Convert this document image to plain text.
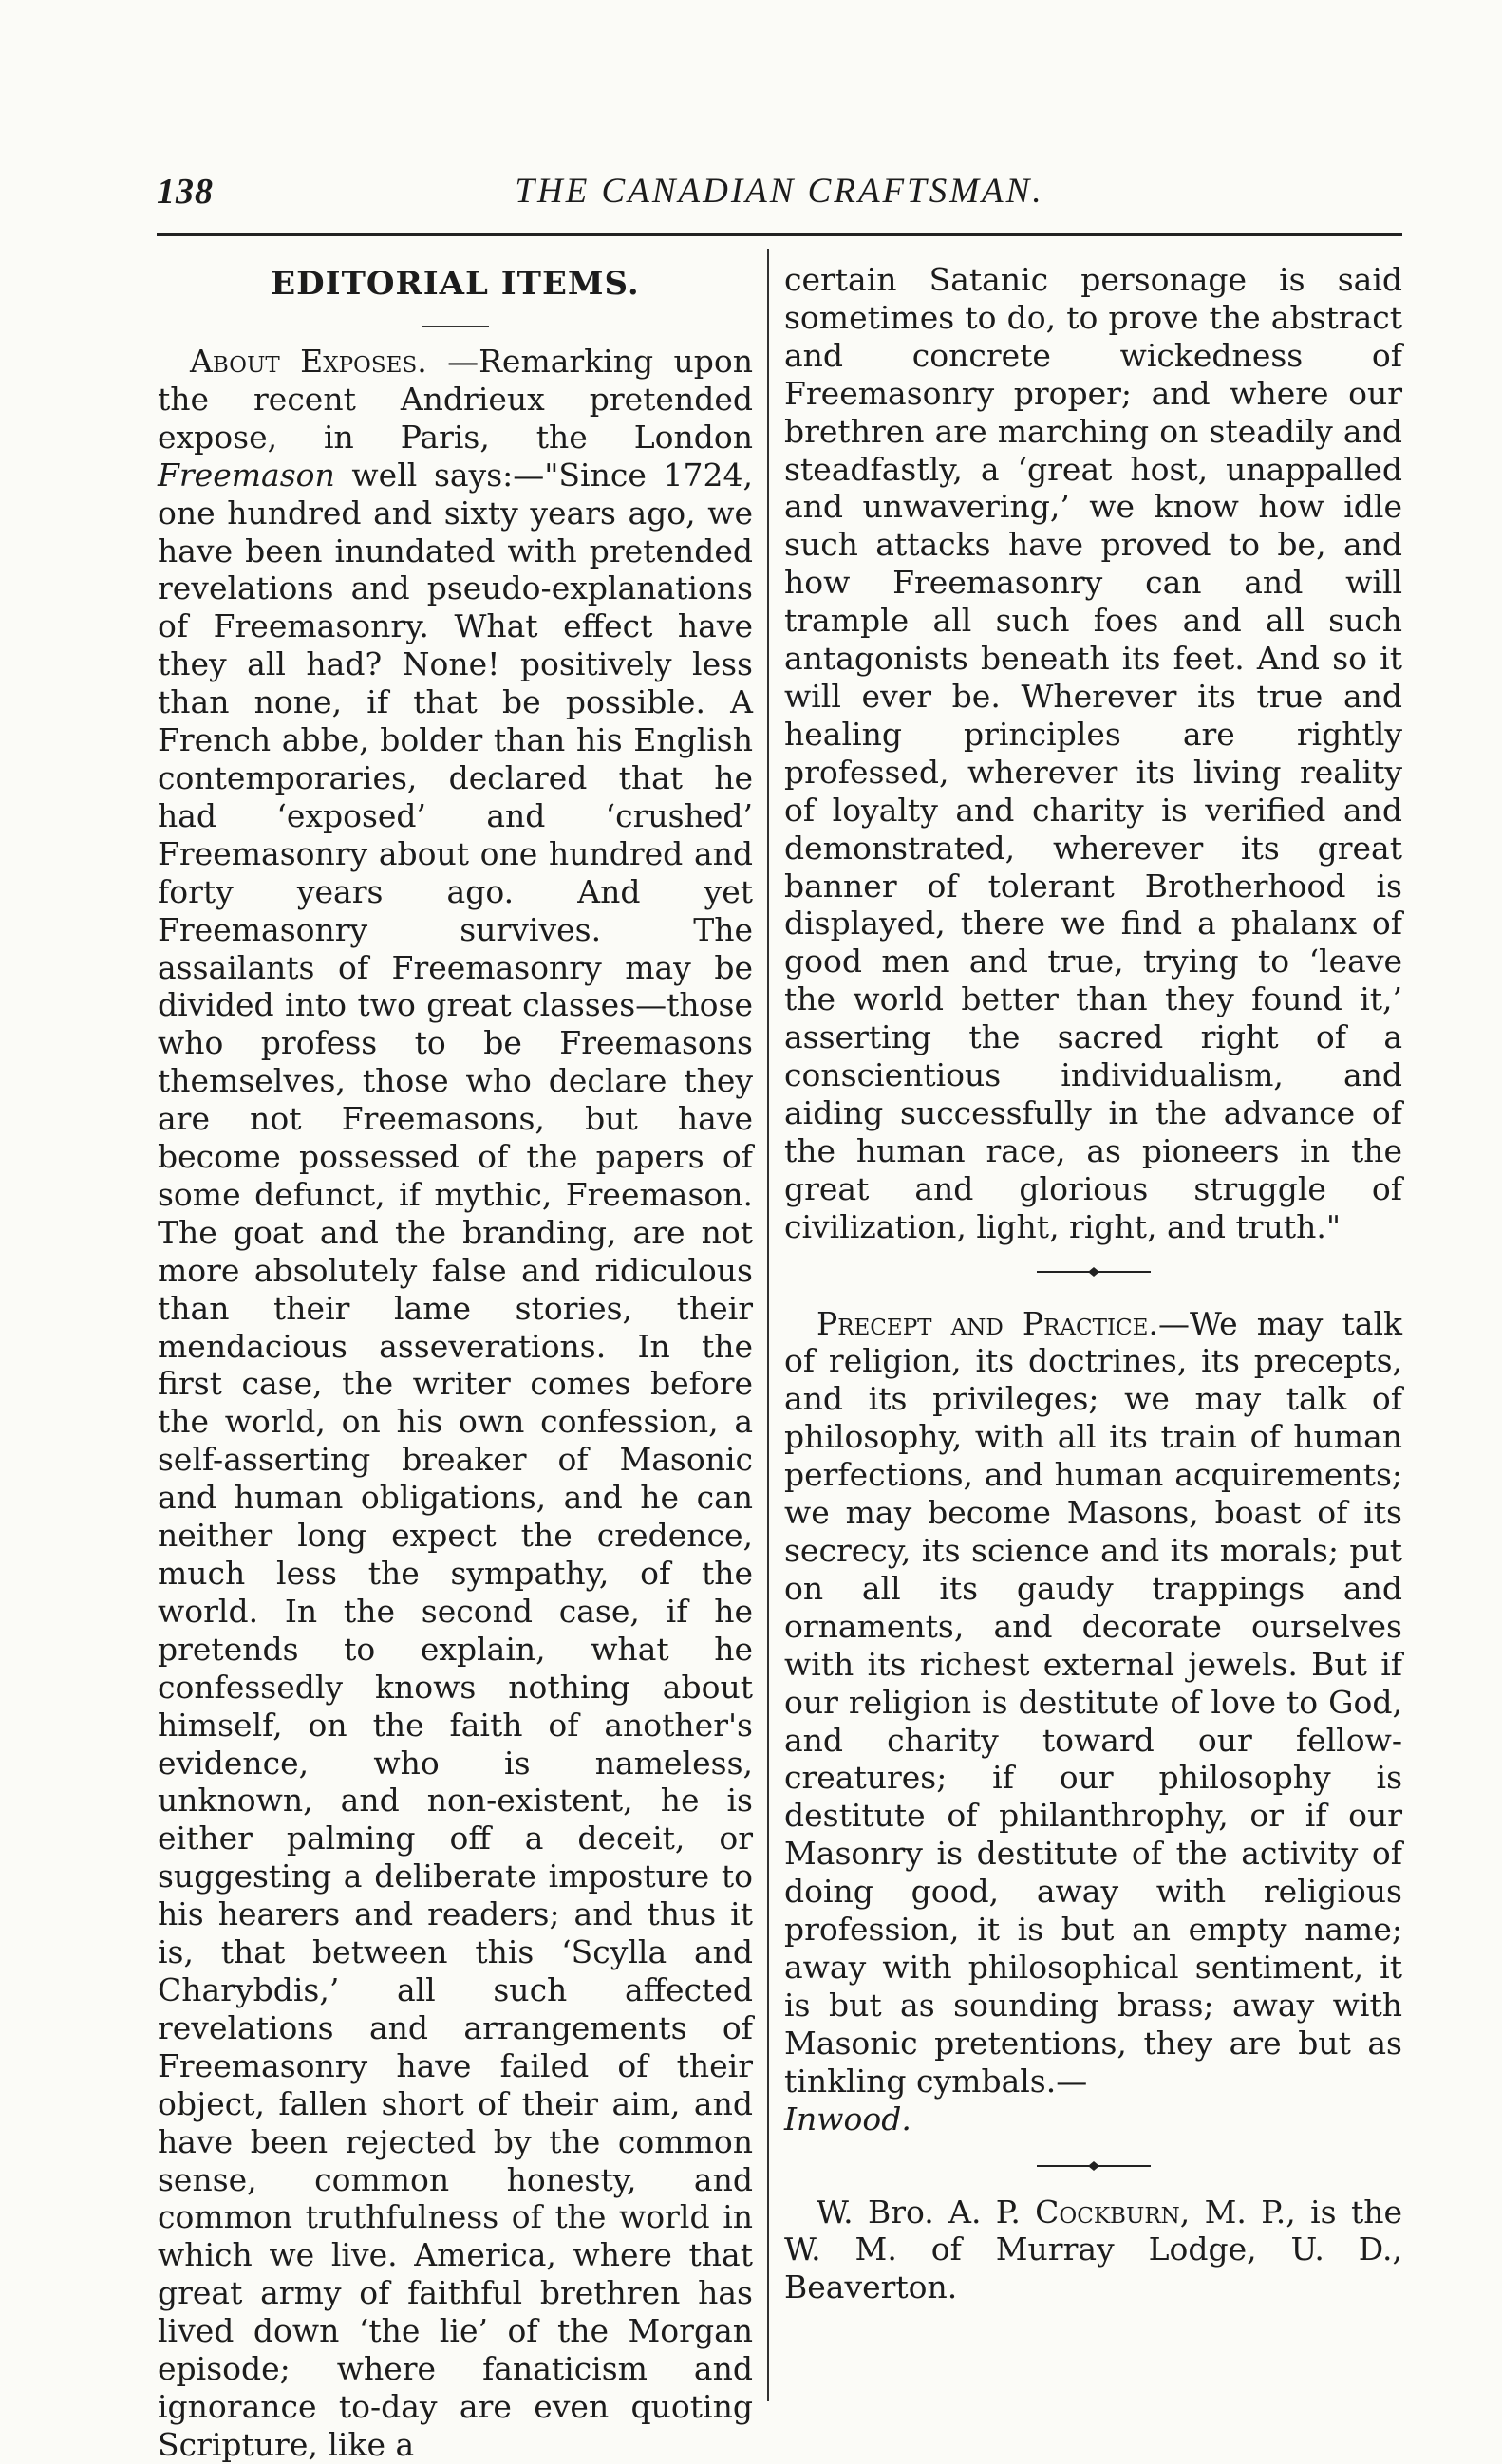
138	THE CANADIAN CRAFTSMAN.
EDITORIAL ITEMS.

About Exposes. —Remarking upon the recent Andrieux pretended expose, in Paris, the London Freemason well says:—"Since 1724, one hundred and sixty years ago, we have been inundated with pretended revelations and pseudo-explanations of Freemasonry. What effect have they all had? None! positively less than none, if that be possible. A French abbe, bolder than his English contemporaries, declared that he had ‘exposed’ and ‘crushed’ Freemasonry about one hundred and forty years ago. And yet Freemasonry survives. The assailants of Freemasonry may be divided into two great classes—those who profess to be Freemasons themselves, those who declare they are not Freemasons, but have become possessed of the papers of some defunct, if mythic, Freemason. The goat and the branding, are not more absolutely false and ridiculous than their lame stories, their mendacious asseverations. In the first case, the writer comes before the world, on his own confession, a self-asserting breaker of Masonic and human obligations, and he can neither long expect the credence, much less the sympathy, of the world. In the second case, if he pretends to explain, what he confessedly knows nothing about himself, on the faith of another's evidence, who is nameless, unknown, and non-existent, he is either palming off a deceit, or suggesting a deliberate imposture to his hearers and readers; and thus it is, that between this ‘Scylla and Charybdis,’ all such affected revelations and arrangements of Freemasonry have failed of their object, fallen short of their aim, and have been rejected by the common sense, common honesty, and common truthfulness of the world in which we live. America, where that great army of faithful brethren has lived down ‘the lie’ of the Morgan episode; where fanaticism and ignorance to-day are even quoting Scripture, like a

certain Satanic personage is said sometimes to do, to prove the abstract and concrete wickedness of Freemasonry proper; and where our brethren are marching on steadily and steadfastly, a ‘great host, unappalled and unwavering,’ we know how idle such attacks have proved to be, and how Freemasonry can and will trample all such foes and all such antagonists beneath its feet. And so it will ever be. Wherever its true and healing principles are rightly professed, wherever its living reality of loyalty and charity is verified and demonstrated, wherever its great banner of tolerant Brotherhood is displayed, there we find a phalanx of good men and true, trying to ‘leave the world better than they found it,’ asserting the sacred right of a conscientious individualism, and aiding successfully in the advance of the human race, as pioneers in the great and glorious struggle of civilization, light, right, and truth."

Precept and Practice.—We may talk of religion, its doctrines, its precepts, and its privileges; we may talk of philosophy, with all its train of human perfections, and human acquirements; we may become Masons, boast of its secrecy, its science and its morals; put on all its gaudy trappings and ornaments, and decorate ourselves with its richest external jewels. But if our religion is destitute of love to God, and charity toward our fellow-creatures; if our philosophy is destitute of philanthrophy, or if our Masonry is destitute of the activity of doing good, away with religious profession, it is but an empty name; away with philosophical sentiment, it is but as sounding brass; away with Masonic pretentions, they are but as tinkling cymbals.—
Inwood.

W. Bro. A. P. Cockburn, M. P., is the W. M. of Murray Lodge, U. D., Beaverton.
